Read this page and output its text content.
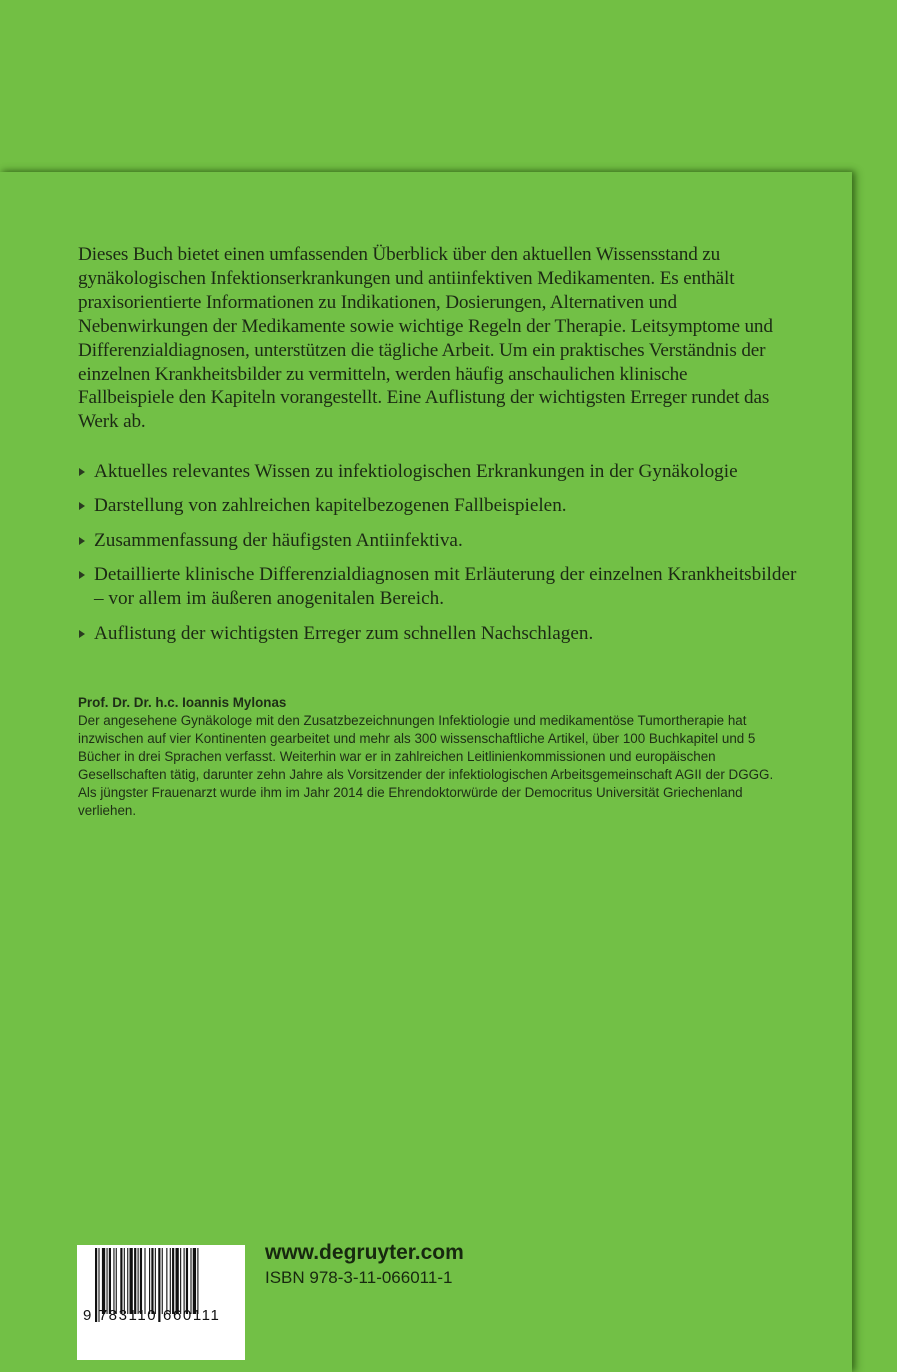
Dieses Buch bietet einen umfassenden Überblick über den aktuellen Wissensstand zu gynäkologischen Infektionserkrankungen und antiinfektiven Medikamenten. Es enthält praxisorientierte Informationen zu Indikationen, Dosierungen, Alternativen und Nebenwirkungen der Medikamente sowie wichtige Regeln der Therapie. Leitsymptome und Differenzialdiagnosen, unterstützen die tägliche Arbeit. Um ein praktisches Verständnis der einzelnen Krankheitsbilder zu vermitteln, werden häufig anschaulichen klinische Fallbeispiele den Kapiteln vorangestellt. Eine Auflistung der wichtigsten Erreger rundet das Werk ab.

Aktuelles relevantes Wissen zu infektiologischen Erkrankungen in der Gynäkologie
Darstellung von zahlreichen kapitelbezogenen Fallbeispielen.
Zusammenfassung der häufigsten Antiinfektiva.
Detaillierte klinische Differenzialdiagnosen mit Erläuterung der einzelnen Krankheitsbilder – vor allem im äußeren anogenitalen Bereich.
Auflistung der wichtigsten Erreger zum schnellen Nachschlagen.

Prof. Dr. Dr. h.c. Ioannis Mylonas

Der angesehene Gynäkologe mit den Zusatzbezeichnungen Infektiologie und medikamentöse Tumortherapie hat inzwischen auf vier Kontinenten gearbeitet und mehr als 300 wissenschaftliche Artikel, über 100 Buchkapitel und 5 Bücher in drei Sprachen verfasst. Weiterhin war er in zahlreichen Leitlinienkommissionen und europäischen Gesellschaften tätig, darunter zehn Jahre als Vorsitzender der infektiologischen Arbeitsgemeinschaft AGII der DGGG. Als jüngster Frauenarzt wurde ihm im Jahr 2014 die Ehrendoktorwürde der Democritus Universität Griechenland verliehen.

9 783110 660111
www.degruyter.com
ISBN 978-3-11-066011-1
